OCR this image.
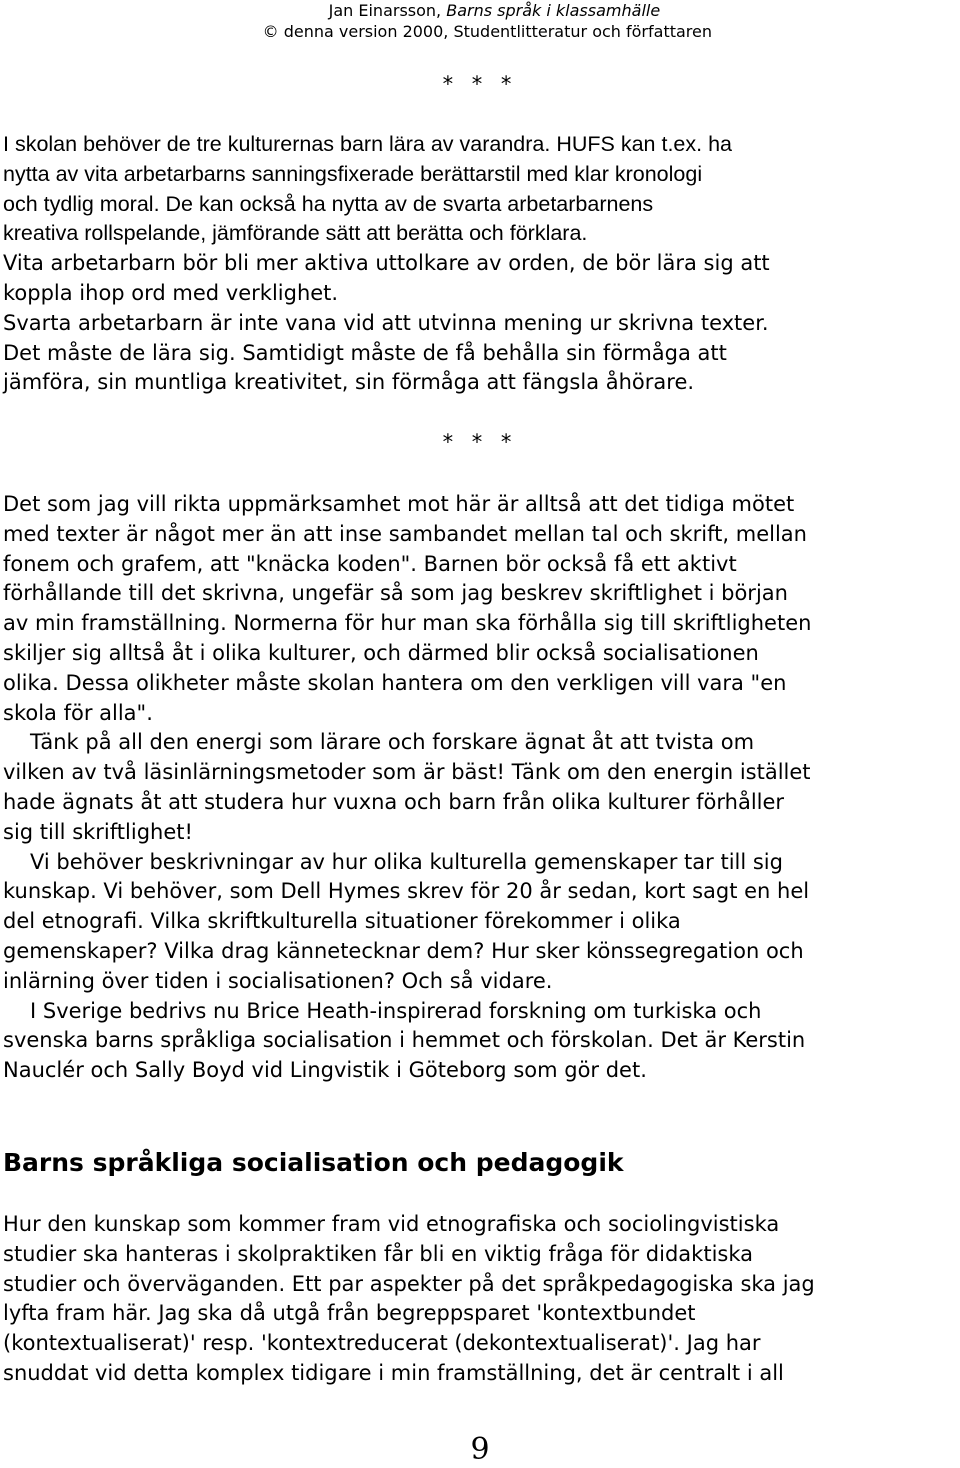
Jan Einarsson, Barns språk i klassamhälle
© denna version 2000, Studentlitteratur och författaren
* * *

I skolan behöver de tre kulturernas barn lära av varandra. HUFS kan t.ex. ha

nytta av vita arbetarbarns sanningsfixerade berättarstil med klar kronologi

och tydlig moral. De kan också ha nytta av de svarta arbetarbarnens

kreativa rollspelande, jämförande sätt att berätta och förklara.

Vita arbetarbarn bör bli mer aktiva uttolkare av orden, de bör lära sig att

koppla ihop ord med verklighet.

Svarta arbetarbarn är inte vana vid att utvinna mening ur skrivna texter.

Det måste de lära sig. Samtidigt måste de få behålla sin förmåga att

jämföra, sin muntliga kreativitet, sin förmåga att fängsla åhörare.

* * *

Det som jag vill rikta uppmärksamhet mot här är alltså att det tidiga mötet

med texter är något mer än att inse sambandet mellan tal och skrift, mellan

fonem och grafem, att "knäcka koden". Barnen bör också få ett aktivt

förhållande till det skrivna, ungefär så som jag beskrev skriftlighet i början

av min framställning. Normerna för hur man ska förhålla sig till skriftligheten

skiljer sig alltså åt i olika kulturer, och därmed blir också socialisationen

olika. Dessa olikheter måste skolan hantera om den verkligen vill vara "en

skola för alla".

Tänk på all den energi som lärare och forskare ägnat åt att tvista om

vilken av två läsinlärningsmetoder som är bäst! Tänk om den energin istället

hade ägnats åt att studera hur vuxna och barn från olika kulturer förhåller

sig till skriftlighet!

Vi behöver beskrivningar av hur olika kulturella gemenskaper tar till sig

kunskap. Vi behöver, som Dell Hymes skrev för 20 år sedan, kort sagt en hel

del etnografi. Vilka skriftkulturella situationer förekommer i olika

gemenskaper? Vilka drag kännetecknar dem? Hur sker könssegregation och

inlärning över tiden i socialisationen? Och så vidare.

I Sverige bedrivs nu Brice Heath-inspirerad forskning om turkiska och

svenska barns språkliga socialisation i hemmet och förskolan. Det är Kerstin

Nauclér och Sally Boyd vid Lingvistik i Göteborg som gör det.

Barns språkliga socialisation och pedagogik

Hur den kunskap som kommer fram vid etnografiska och sociolingvistiska

studier ska hanteras i skolpraktiken får bli en viktig fråga för didaktiska

studier och överväganden. Ett par aspekter på det språkpedagogiska ska jag

lyfta fram här. Jag ska då utgå från begreppsparet 'kontextbundet

(kontextualiserat)' resp. 'kontextreducerat (dekontextualiserat)'. Jag har

snuddat vid detta komplex tidigare i min framställning, det är centralt i all

9
